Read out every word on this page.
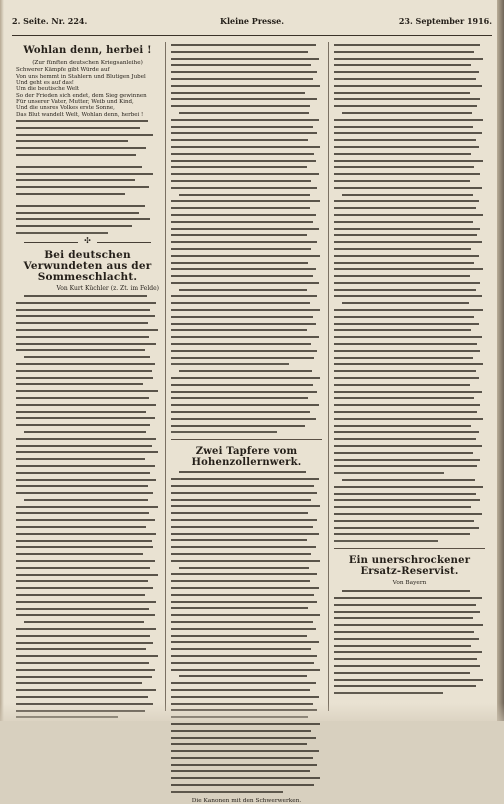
2. Seite. Nr. 224.	Kleine Presse.	23. September 1916.
Wohlan denn, herbei !
(Zur fünften deutschen Kriegsanleihe)
Schwerer Kämpfe gibt Würde auf
Von uns hemmt in Stahlern und Blutigen Jubel
Und geht es auf das!
Um die beutische Welt
So der Frieden sich endet, dem Sieg gewinnen
Für unserer Vater, Mutter, Weib und Kind,
Und die unsres Volkes erste Sonne,
Das Blut wandelt Welt, Wohlan denn, herbei !
✣
Bei deutschen Verwundeten aus der Sommeschlacht.
Von Kurt Küchler (z. Zt. im Felde)
Zwei Tapfere vom Hohenzollernwerk.
Die Kanonen mit den Schwerwerken.
Ein unerschrockener Ersatz-Reservist.
Von Bayern
